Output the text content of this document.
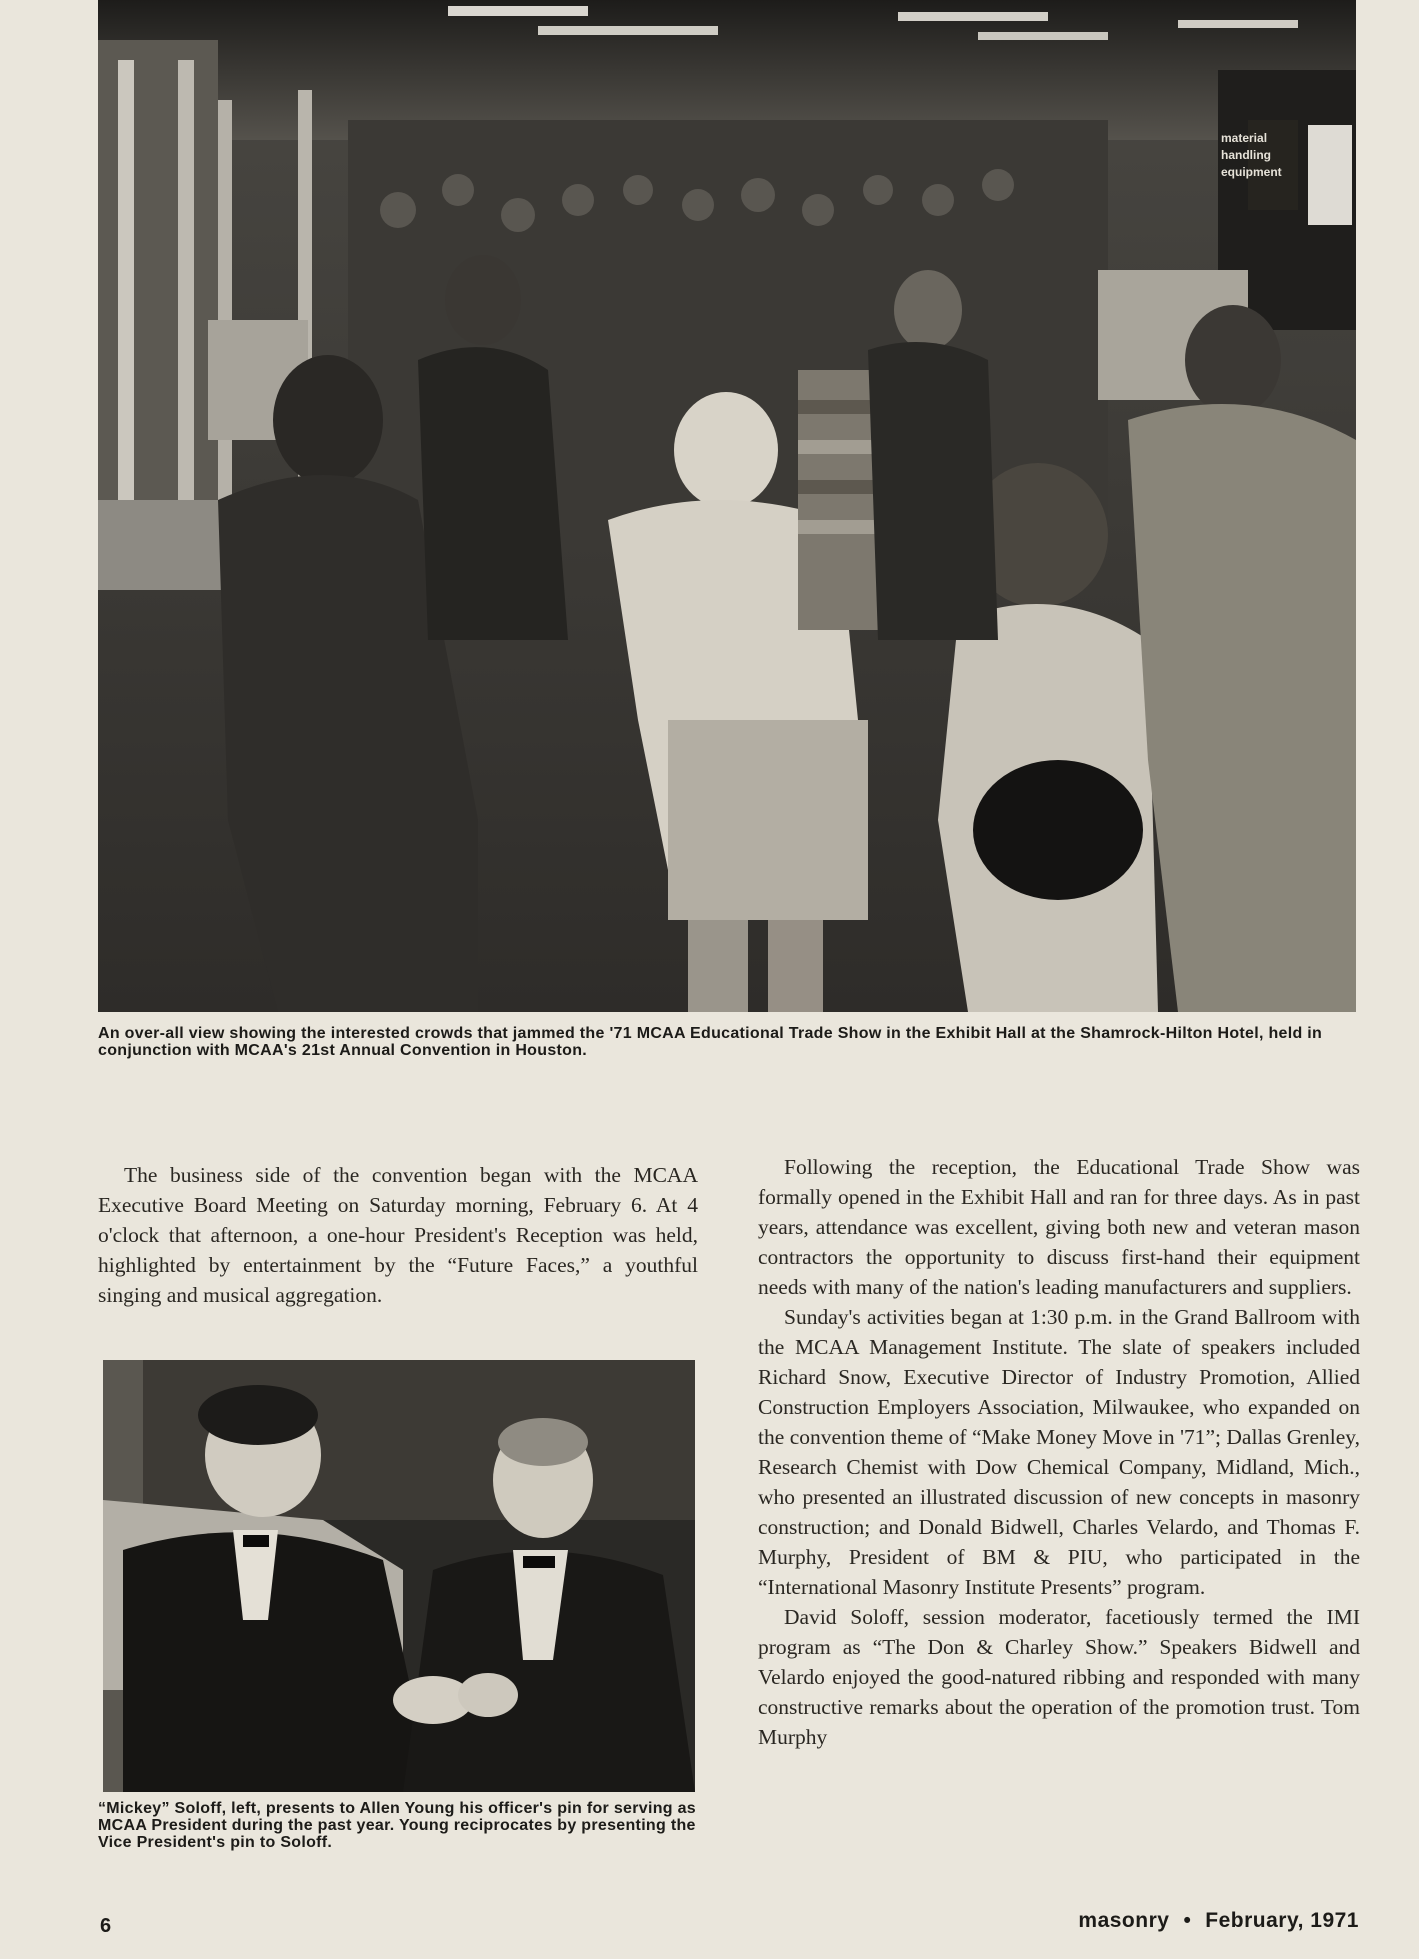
material
handling
equipment

An over-all view showing the interested crowds that jammed the '71 MCAA Educational Trade Show in the Exhibit Hall at the Shamrock-Hilton Hotel, held in conjunction with MCAA's 21st Annual Convention in Houston.

The business side of the convention began with the MCAA Executive Board Meeting on Saturday morning, February 6. At 4 o'clock that afternoon, a one-hour President's Reception was held, highlighted by entertainment by the “Future Faces,” a youthful singing and musical aggregation.

“Mickey” Soloff, left, presents to Allen Young his officer's pin for serving as MCAA President during the past year. Young reciprocates by presenting the Vice President's pin to Soloff.

Following the reception, the Educational Trade Show was formally opened in the Exhibit Hall and ran for three days. As in past years, attendance was excellent, giving both new and veteran mason contractors the opportunity to discuss first-hand their equipment needs with many of the nation's leading manufacturers and suppliers.

Sunday's activities began at 1:30 p.m. in the Grand Ballroom with the MCAA Management Institute. The slate of speakers included Richard Snow, Executive Director of Industry Promotion, Allied Construction Employers Association, Milwaukee, who expanded on the convention theme of “Make Money Move in '71”; Dallas Grenley, Research Chemist with Dow Chemical Company, Midland, Mich., who presented an illustrated discussion of new concepts in masonry construction; and Donald Bidwell, Charles Velardo, and Thomas F. Murphy, President of BM & PIU, who participated in the “International Masonry Institute Presents” program.

David Soloff, session moderator, facetiously termed the IMI program as “The Don & Charley Show.” Speakers Bidwell and Velardo enjoyed the good-natured ribbing and responded with many constructive remarks about the operation of the promotion trust. Tom Murphy

6	masonry • February, 1971
